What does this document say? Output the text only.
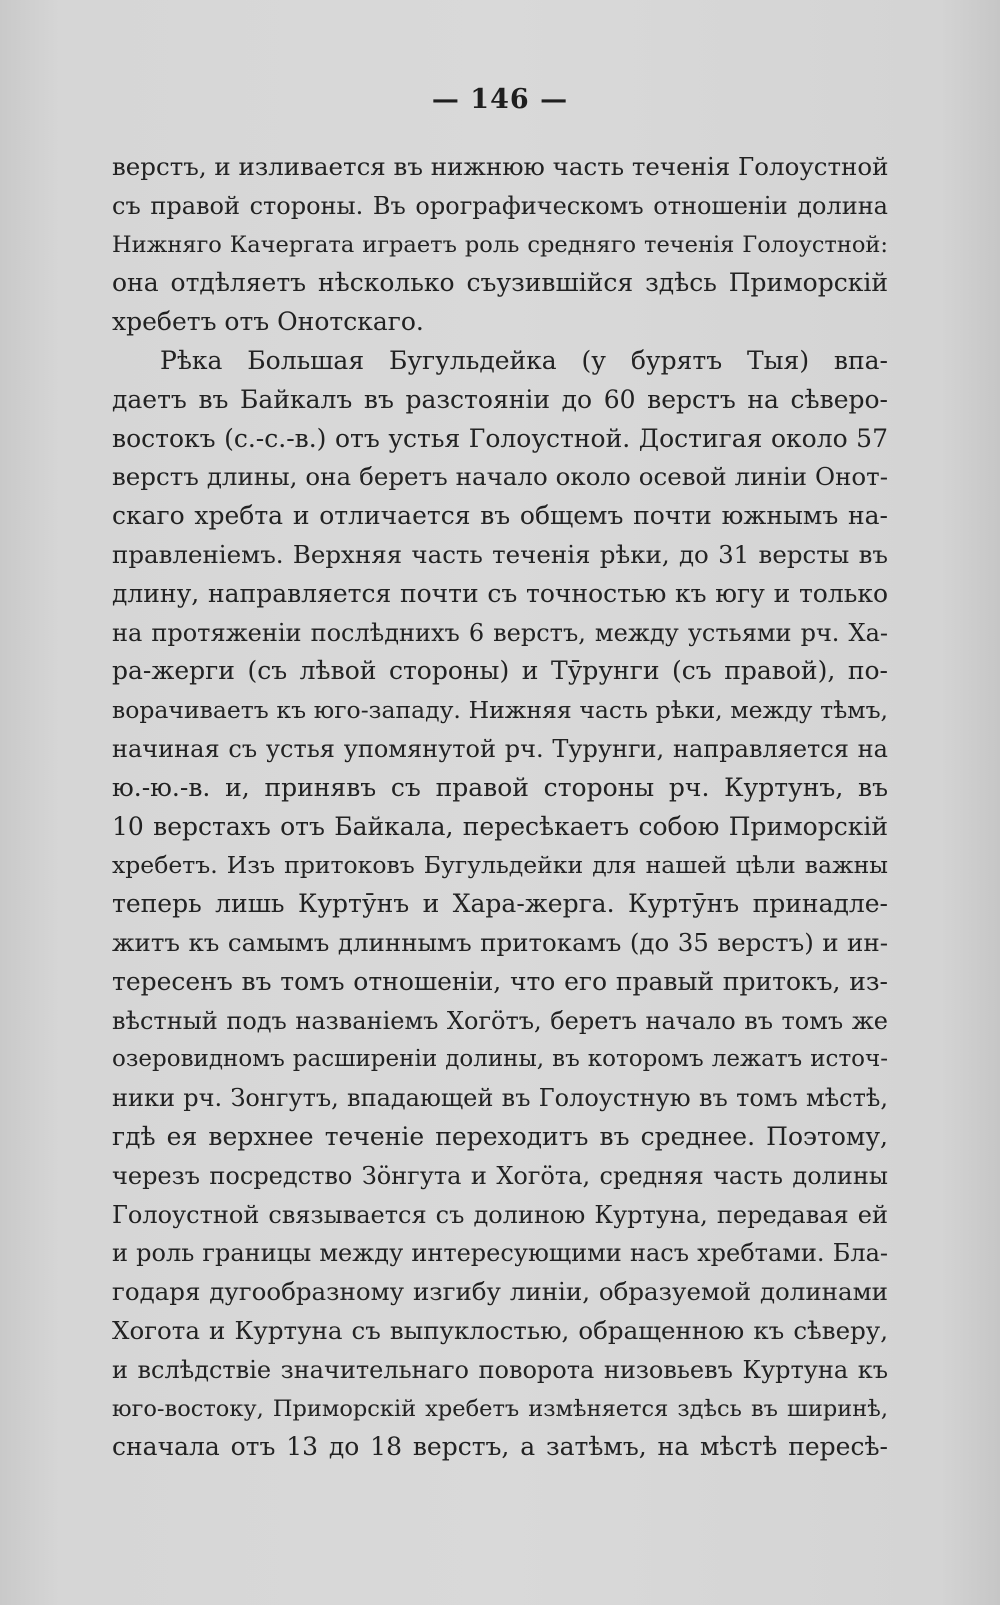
— 146 —
верстъ, и изливается въ нижнюю часть теченія Голоустной
съ правой стороны. Въ орографическомъ отношеніи долина
Нижняго Качергата играетъ роль средняго теченія Голоустной:
она отдѣляетъ нѣсколько съузившійся здѣсь Приморскій
хребетъ отъ Онотскаго.
Рѣка Большая Бугульдейка (у бурятъ Тыя) впа-
даетъ въ Байкалъ въ разстояніи до 60 верстъ на сѣверо-
востокъ (с.-с.-в.) отъ устья Голоустной. Достигая около 57
верстъ длины, она беретъ начало около осевой линіи Онот-
скаго хребта и отличается въ общемъ почти южнымъ на-
правленіемъ. Верхняя часть теченія рѣки, до 31 версты въ
длину, направляется почти съ точностью къ югу и только
на протяженіи послѣднихъ 6 верстъ, между устьями рч. Ха-
ра-жерги (съ лѣвой стороны) и Тӯрунги (съ правой), по-
ворачиваетъ къ юго-западу. Нижняя часть рѣки, между тѣмъ,
начиная съ устья упомянутой рч. Турунги, направляется на
ю.-ю.-в. и, принявъ съ правой стороны рч. Куртунъ, въ
10 верстахъ отъ Байкала, пересѣкаетъ собою Приморскій
хребетъ. Изъ притоковъ Бугульдейки для нашей цѣли важны
теперь лишь Куртӯнъ и Хара-жерга. Куртӯнъ принадле-
житъ къ самымъ длиннымъ притокамъ (до 35 верстъ) и ин-
тересенъ въ томъ отношеніи, что его правый притокъ, из-
вѣстный подъ названіемъ Хогӧтъ, беретъ начало въ томъ же
озеровидномъ расширеніи долины, въ которомъ лежатъ источ-
ники рч. Зонгутъ, впадающей въ Голоустную въ томъ мѣстѣ,
гдѣ ея верхнее теченіе переходитъ въ среднее. Поэтому,
черезъ посредство Зӧнгута и Хогӧта, средняя часть долины
Голоустной связывается съ долиною Куртуна, передавая ей
и роль границы между интересующими насъ хребтами. Бла-
годаря дугообразному изгибу линіи, образуемой долинами
Хогота и Куртуна съ выпуклостью, обращенною къ сѣверу,
и вслѣдствіе значительнаго поворота низовьевъ Куртуна къ
юго-востоку, Приморскій хребетъ измѣняется здѣсь въ ширинѣ,
сначала отъ 13 до 18 верстъ, а затѣмъ, на мѣстѣ пересѣ-
